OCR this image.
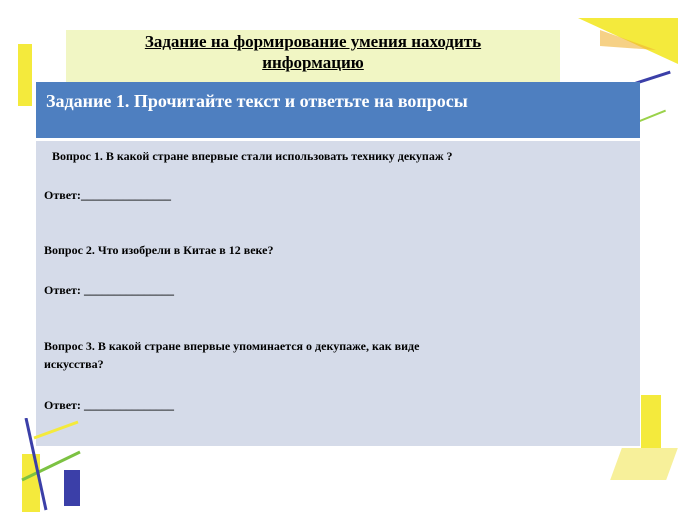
Задание на формирование умения находить
информацию
Задание 1. Прочитайте текст и ответьте на вопросы
Вопрос 1. В какой стране впервые стали использовать технику декупаж ?
Ответ:_______________
Вопрос 2. Что изобрели в Китае в 12 веке?
Ответ: _______________
Вопрос 3. В какой стране впервые упоминается о декупаже, как виде
искусства?
Ответ: _______________
